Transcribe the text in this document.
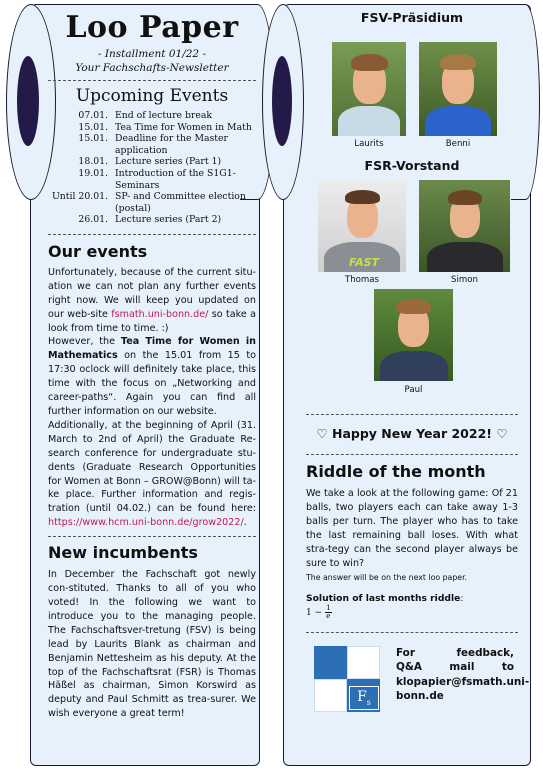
Loo Paper
- Installment 01/22 -
Your Fachschafts-Newsletter
Upcoming Events
07.01. End of lecture break
15.01. Tea Time for Women in Math
15.01. Deadline for the Master application
18.01. Lecture series (Part 1)
19.01. Introduction of the S1G1-Seminars
Until 20.01. SP- and Committee election (postal)
26.01. Lecture series (Part 2)
Our events

Unfortunately, because of the current situ-ation we can not plan any further events right now. We will keep you updated on our web-site fsmath.uni-bonn.de/ so take a look from time to time. :)

However, the Tea Time for Women in Mathematics on the 15.01 from 15 to 17:30 oclock will definitely take place, this time with the focus on „Networking and career-paths“. Again you can find all further information on our website.

Additionally, at the beginning of April (31. March to 2nd of April) the Graduate Re-search conference for undergraduate stu-dents (Graduate Research Opportunities for Women at Bonn – GROW@Bonn) will ta-ke place. Further information and regis-tration (until 04.02.) can be found here: https://www.hcm.uni-bonn.de/grow2022/.

New incumbents
In December the Fachschaft got newly con-stituted. Thanks to all of you who voted! In the following we want to introduce you to the managing people. The Fachschaftsver-tretung (FSV) is being lead by Laurits Blank as chairman and Benjamin Nettesheim as his deputy. At the top of the Fachschaftsrat (FSR) is Thomas Häßel as chairman, Simon Korswird as deputy and Paul Schmitt as trea-surer. We wish everyone a great term!
FSV-Präsidium
Laurits	Benni
FSR-Vorstand
FAST
Thomas	Simon
Paul
♡ Happy New Year 2022! ♡
Riddle of the month
We take a look at the following game: Of 21 balls, two players each can take away 1-3 balls per turn. The player who has to take the last remaining ball loses. With what stra-tegy can the second player always be sure to win?
The answer will be on the next loo paper.
Solution of last months riddle:
$1 - \frac{1}{e}$
$F_s$
For feedback,
Q&A mail to
klopapier@fsmath.uni-
bonn.de
